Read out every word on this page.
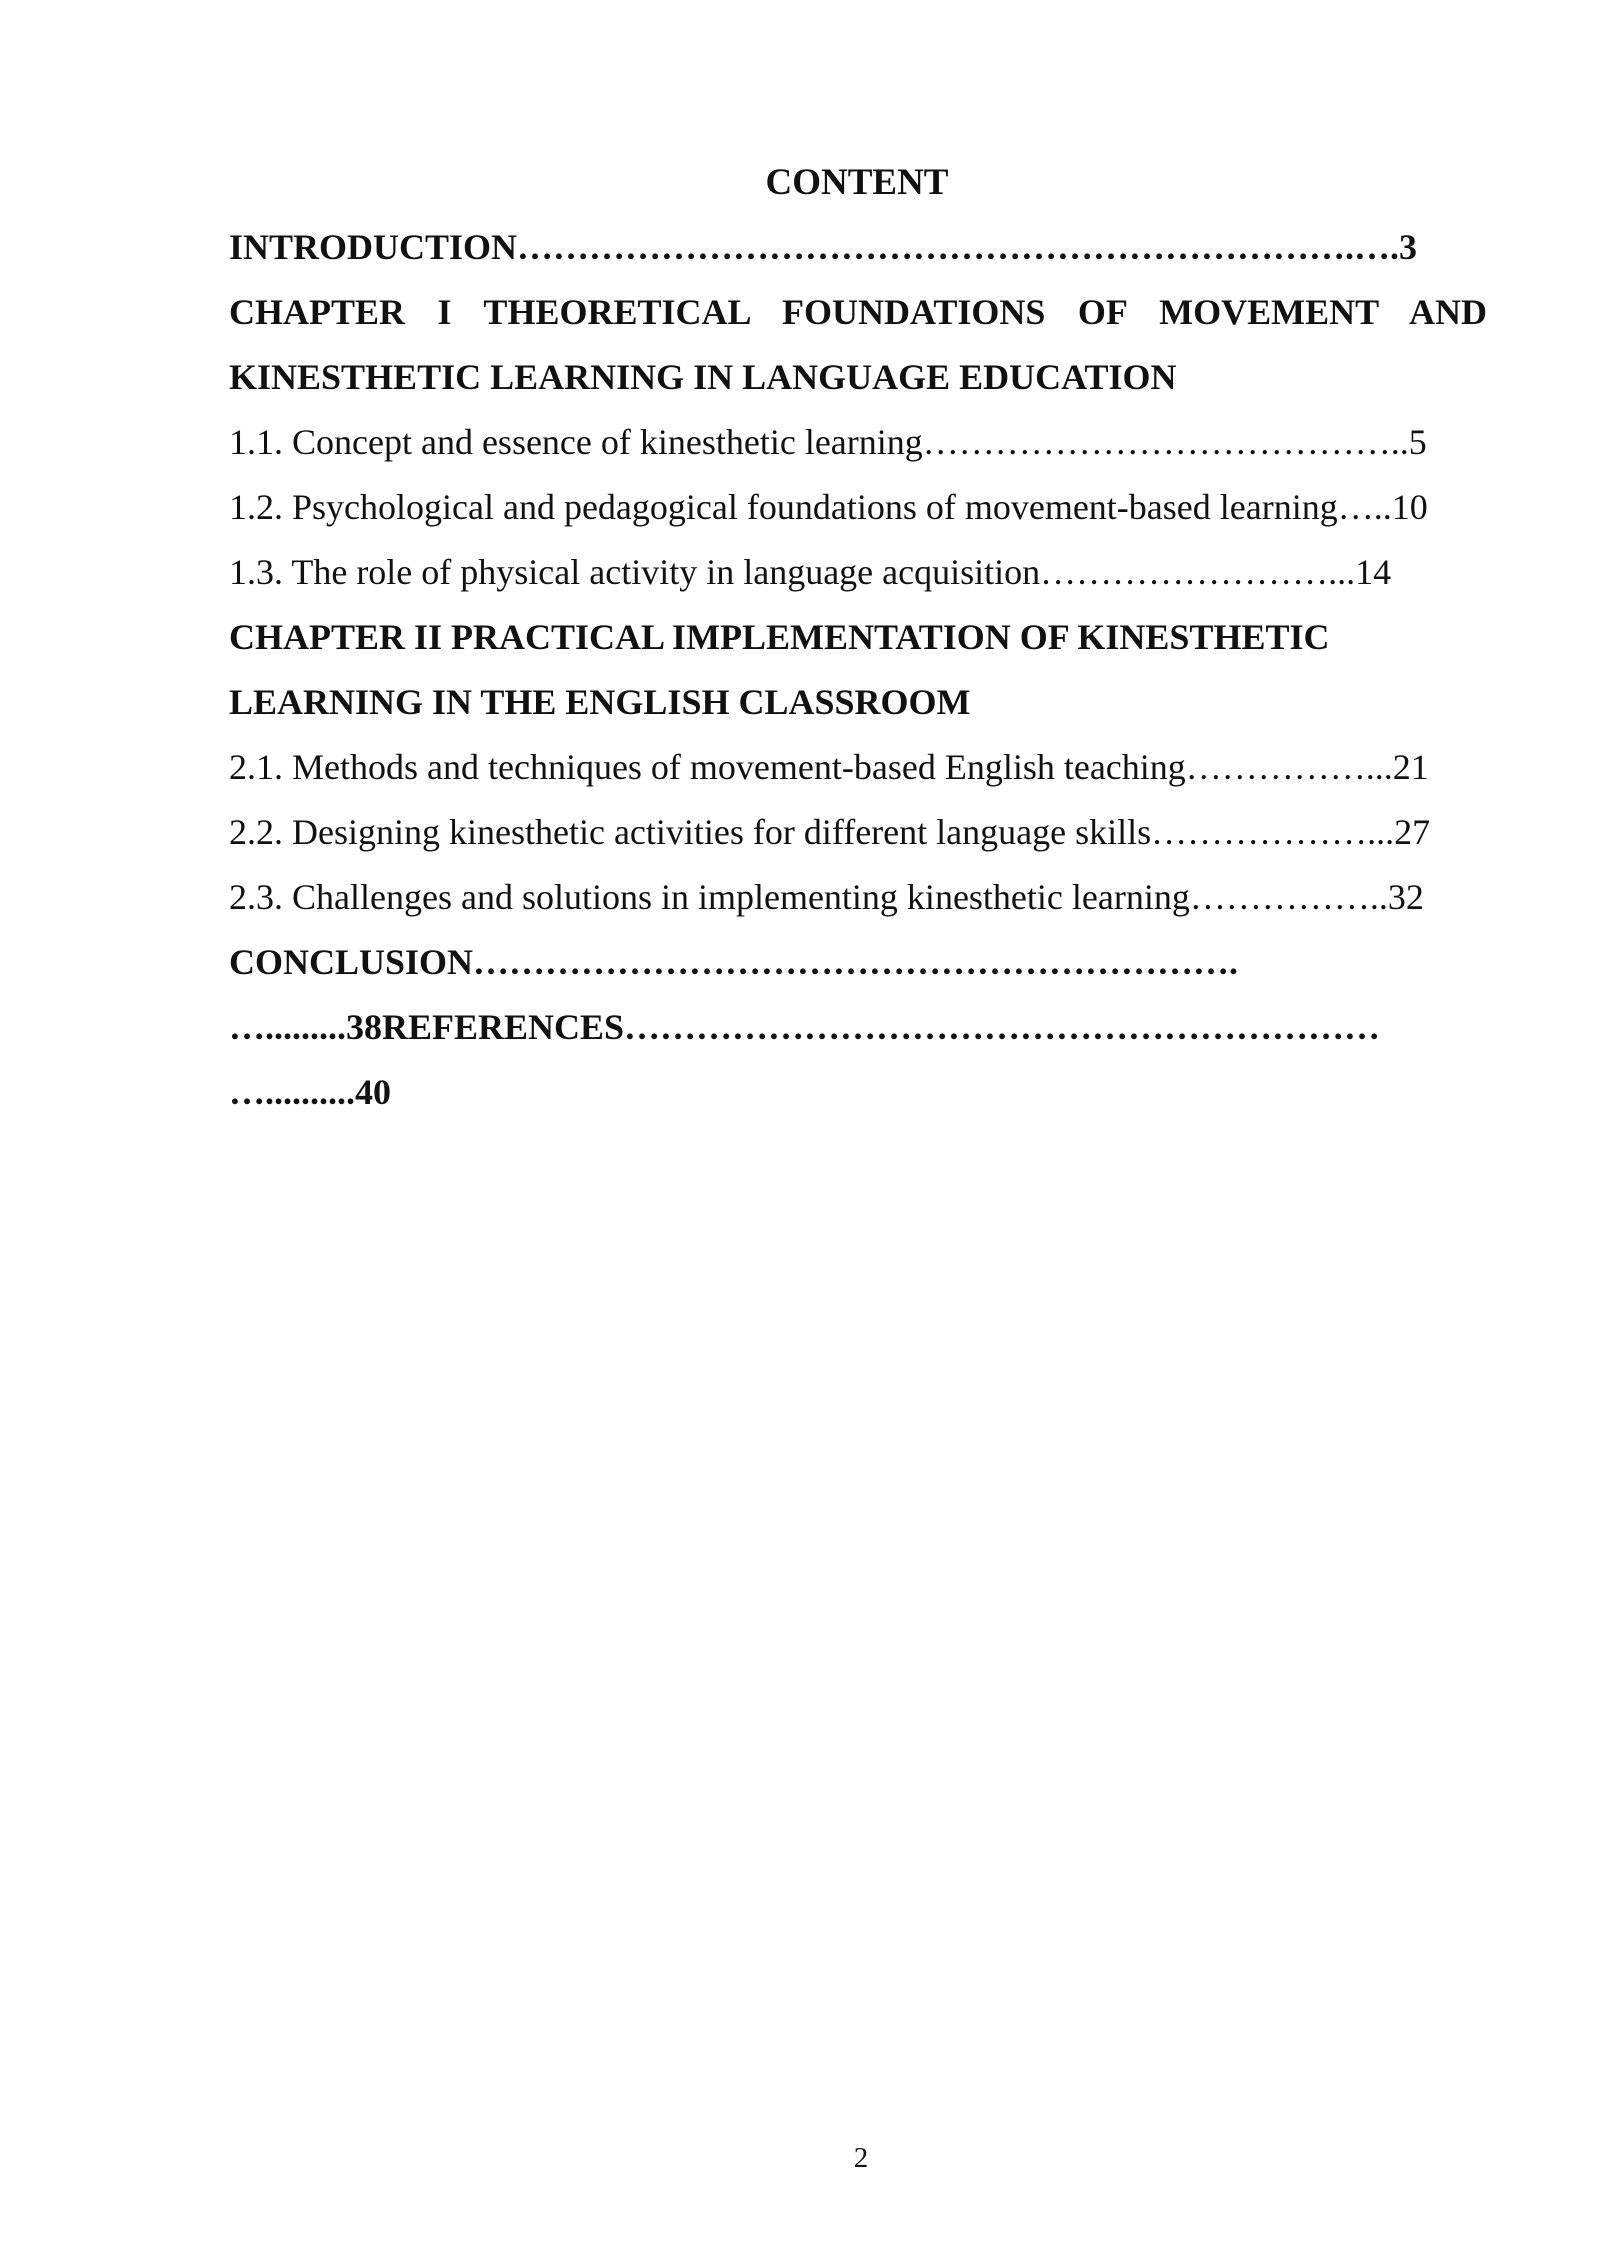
CONTENT
INTRODUCTION…………………………………………………………….….3
CHAPTER I THEORETICAL FOUNDATIONS OF MOVEMENT AND
KINESTHETIC LEARNING IN LANGUAGE EDUCATION
1.1. Concept and essence of kinesthetic learning…………………………………..5
1.2. Psychological and pedagogical foundations of movement-based learning…..10
1.3. The role of physical activity in language acquisition……………………...14
CHAPTER II PRACTICAL IMPLEMENTATION OF KINESTHETIC
LEARNING IN THE ENGLISH CLASSROOM
2.1. Methods and techniques of movement-based English teaching……………...21
2.2. Designing kinesthetic activities for different language skills………………...27
2.3. Challenges and solutions in implementing kinesthetic learning……………..32
CONCLUSION……………………………………………………….
….........38REFERENCES………………………………………………………
…..........40
2
